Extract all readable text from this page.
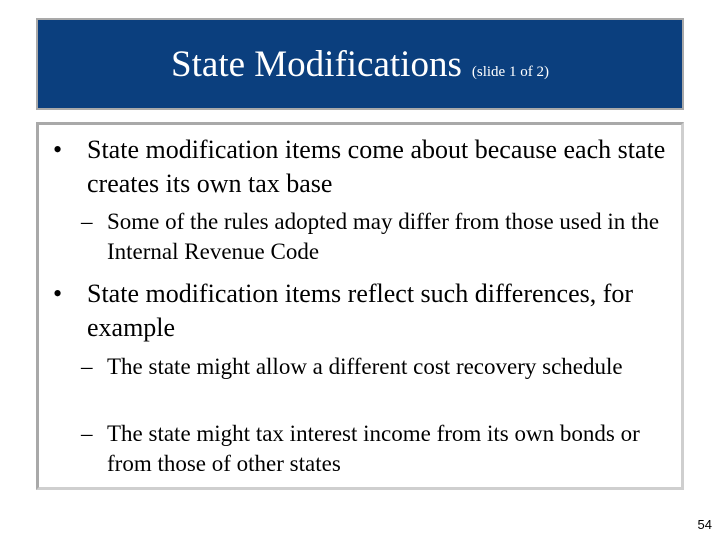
State Modifications (slide 1 of 2)
• State modification items come about because each state creates its own tax base
– Some of the rules adopted may differ from those used in the Internal Revenue Code
• State modification items reflect such differences, for example
– The state might allow a different cost recovery schedule
– The state might tax interest income from its own bonds or from those of other states
54
